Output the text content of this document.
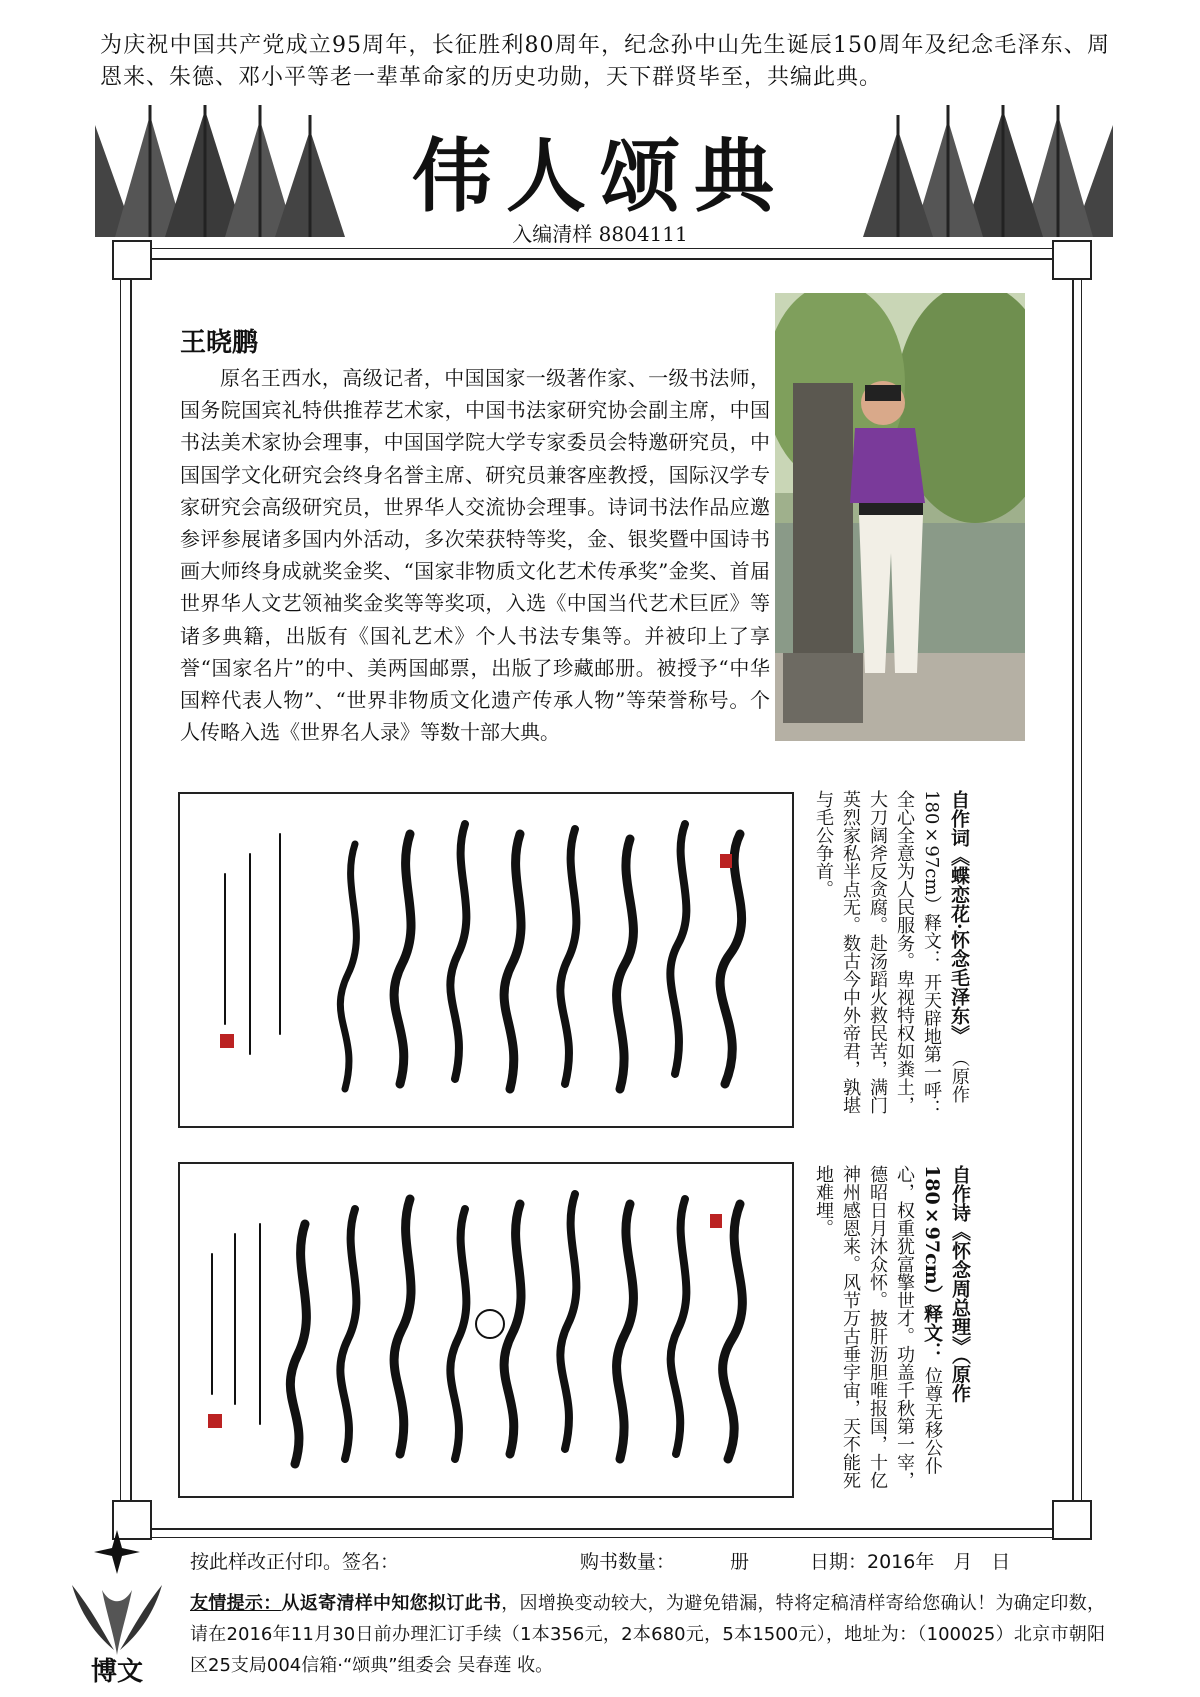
为庆祝中国共产党成立95周年，长征胜利80周年，纪念孙中山先生诞辰150周年及纪念毛泽东、周恩来、朱德、邓小平等老一辈革命家的历史功勋，天下群贤毕至，共编此典。
伟人颂典
入编清样 8804111
王晓鹏
原名王西水，高级记者，中国国家一级著作家、一级书法师，国务院国宾礼特供推荐艺术家，中国书法家研究协会副主席，中国书法美术家协会理事，中国国学院大学专家委员会特邀研究员，中国国学文化研究会终身名誉主席、研究员兼客座教授，国际汉学专家研究会高级研究员，世界华人交流协会理事。诗词书法作品应邀参评参展诸多国内外活动，多次荣获特等奖，金、银奖暨中国诗书画大师终身成就奖金奖、“国家非物质文化艺术传承奖”金奖、首届世界华人文艺领袖奖金奖等等奖项，入选《中国当代艺术巨匠》等诸多典籍，出版有《国礼艺术》个人书法专集等。并被印上了享誉“国家名片”的中、美两国邮票，出版了珍藏邮册。被授予“中华国粹代表人物”、“世界非物质文化遗产传承人物”等荣誉称号。个人传略入选《世界名人录》等数十部大典。
自作词《蝶恋花·怀念毛泽东》 （原作 180×97cm）释文： 开天辟地第一呼：全心全意为人民服务。卑视特权如粪土，大刀阔斧反贪腐。赴汤蹈火救民苦，满门英烈家私半点无。数古今中外帝君，孰堪与毛公争首。
自作诗《怀念周总理》（原作 180×97cm）释文： 位尊无移公仆心，权重犹富擎世才。功盖千秋第一宰，德昭日月沐众怀。披肝沥胆唯报国，十亿神州感恩来。风节万古垂宇宙，天不能死地难埋。
按此样改正付印。签名：	购书数量：	册	日期：2016年　月　日
友情提示：从返寄清样中知您拟订此书，因增换变动较大，为避免错漏，特将定稿清样寄给您确认！为确定印数，请在2016年11月30日前办理汇订手续（1本356元，2本680元，5本1500元），地址为：（100025）北京市朝阳区25支局004信箱·“颂典”组委会 吴春莲 收。
博文
